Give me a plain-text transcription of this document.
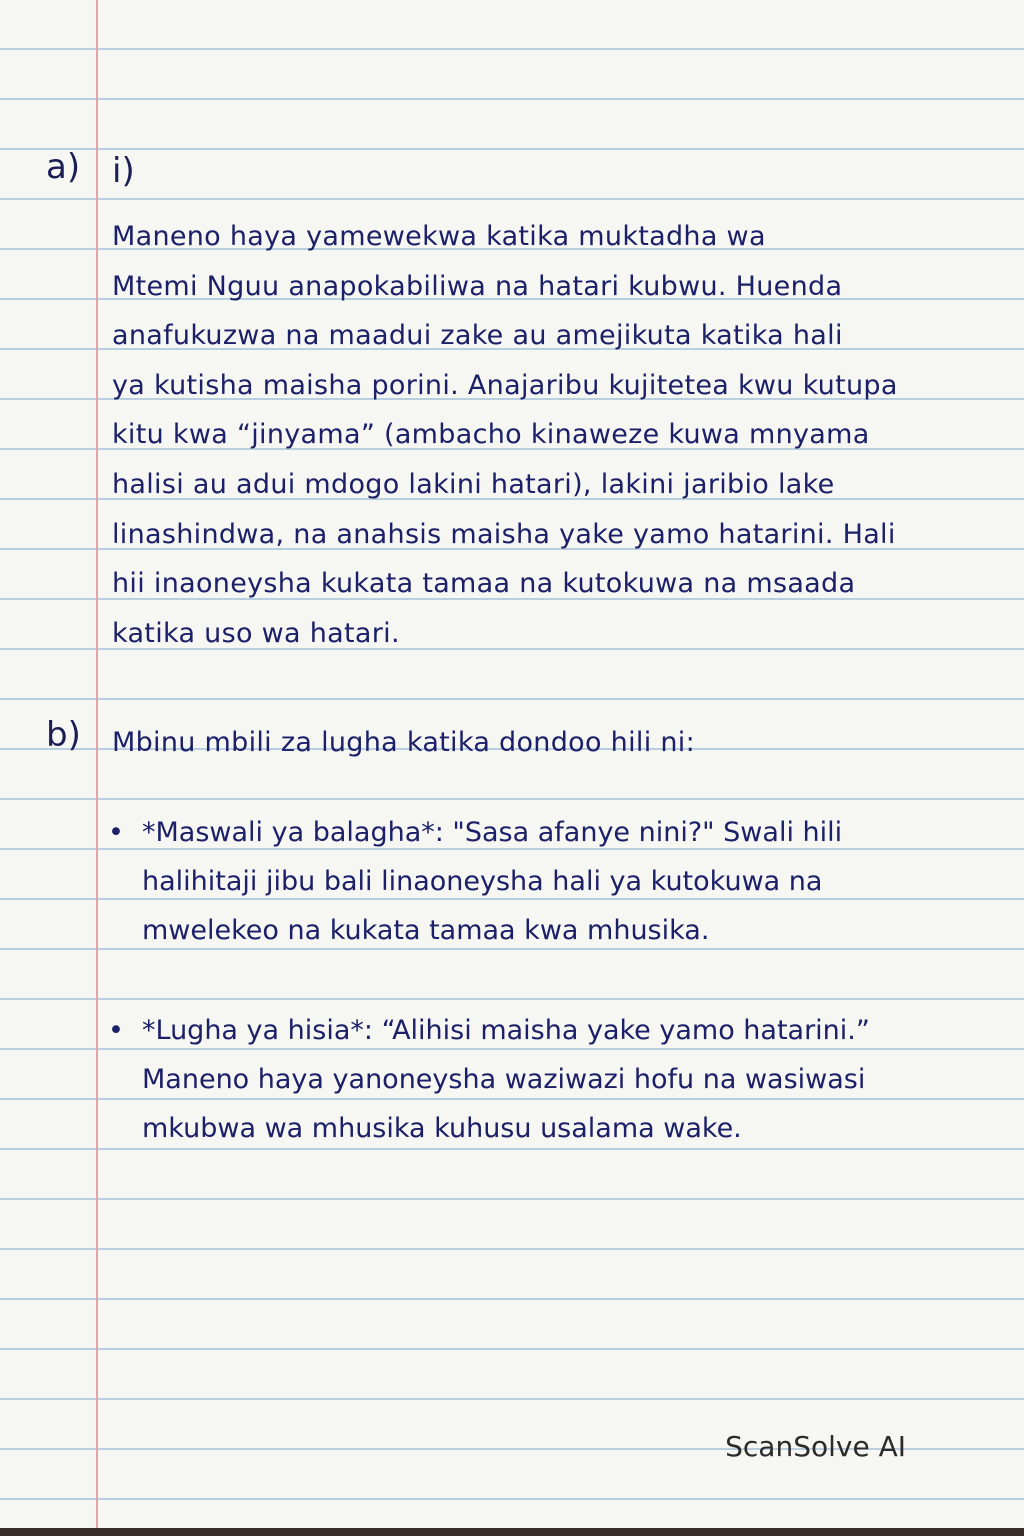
a) i)
Maneno haya yamewekwa katika muktadha wa
Mtemi Nguu anapokabiliwa na hatari kubwu. Huenda
anafukuzwa na maadui zake au amejikuta katika hali
ya kutisha maisha porini. Anajaribu kujitetea kwu kutupa
kitu kwa “jinyama” (ambacho kinaweze kuwa mnyama
halisi au adui mdogo lakini hatari), lakini jaribio lake
linashindwa, na anahsis maisha yake yamo hatarini. Hali
hii inaoneysha kukata tamaa na kutokuwa na msaada
katika uso wa hatari.
b) Mbinu mbili za lugha katika dondoo hili ni:
• *Maswali ya balagha*: "Sasa afanye nini?" Swali hili
halihitaji jibu bali linaoneysha hali ya kutokuwa na
mwelekeo na kukata tamaa kwa mhusika.
• *Lugha ya hisia*: “Alihisi maisha yake yamo hatarini.”
Maneno haya yanoneysha waziwazi hofu na wasiwasi
mkubwa wa mhusika kuhusu usalama wake.
ScanSolve AI
